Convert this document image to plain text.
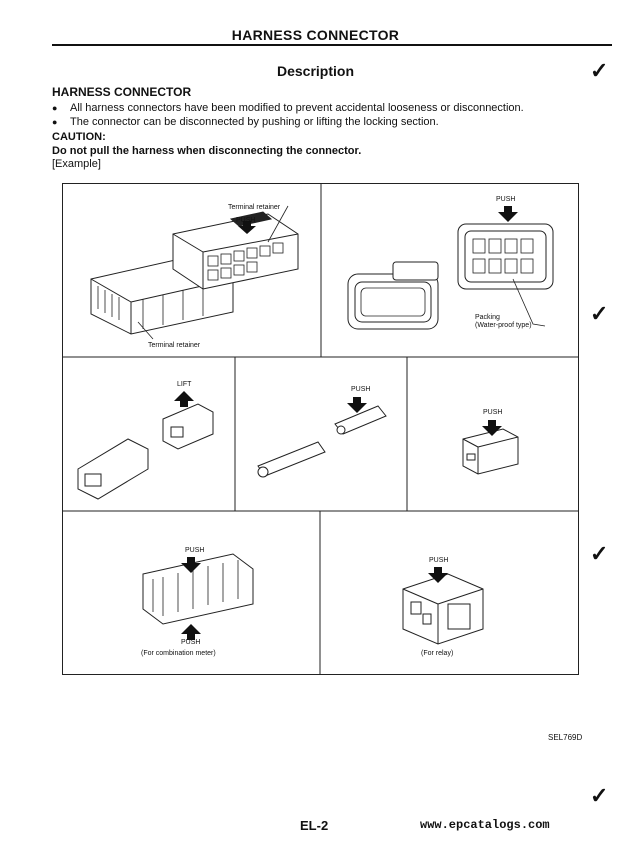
HARNESS CONNECTOR
Description
HARNESS CONNECTOR
● All harness connectors have been modified to prevent accidental looseness or disconnection.
● The connector can be disconnected by pushing or lifting the locking section.
CAUTION:
Do not pull the harness when disconnecting the connector.
[Example]
Terminal retainer
PUSH
Terminal retainer
PUSH
Packing
(Water-proof type)
LIFT
PUSH
PUSH
PUSH
PUSH
(For combination meter)
PUSH
(For relay)
SEL769D
✓
✓
✓
✓
EL-2	www.epcatalogs.com
